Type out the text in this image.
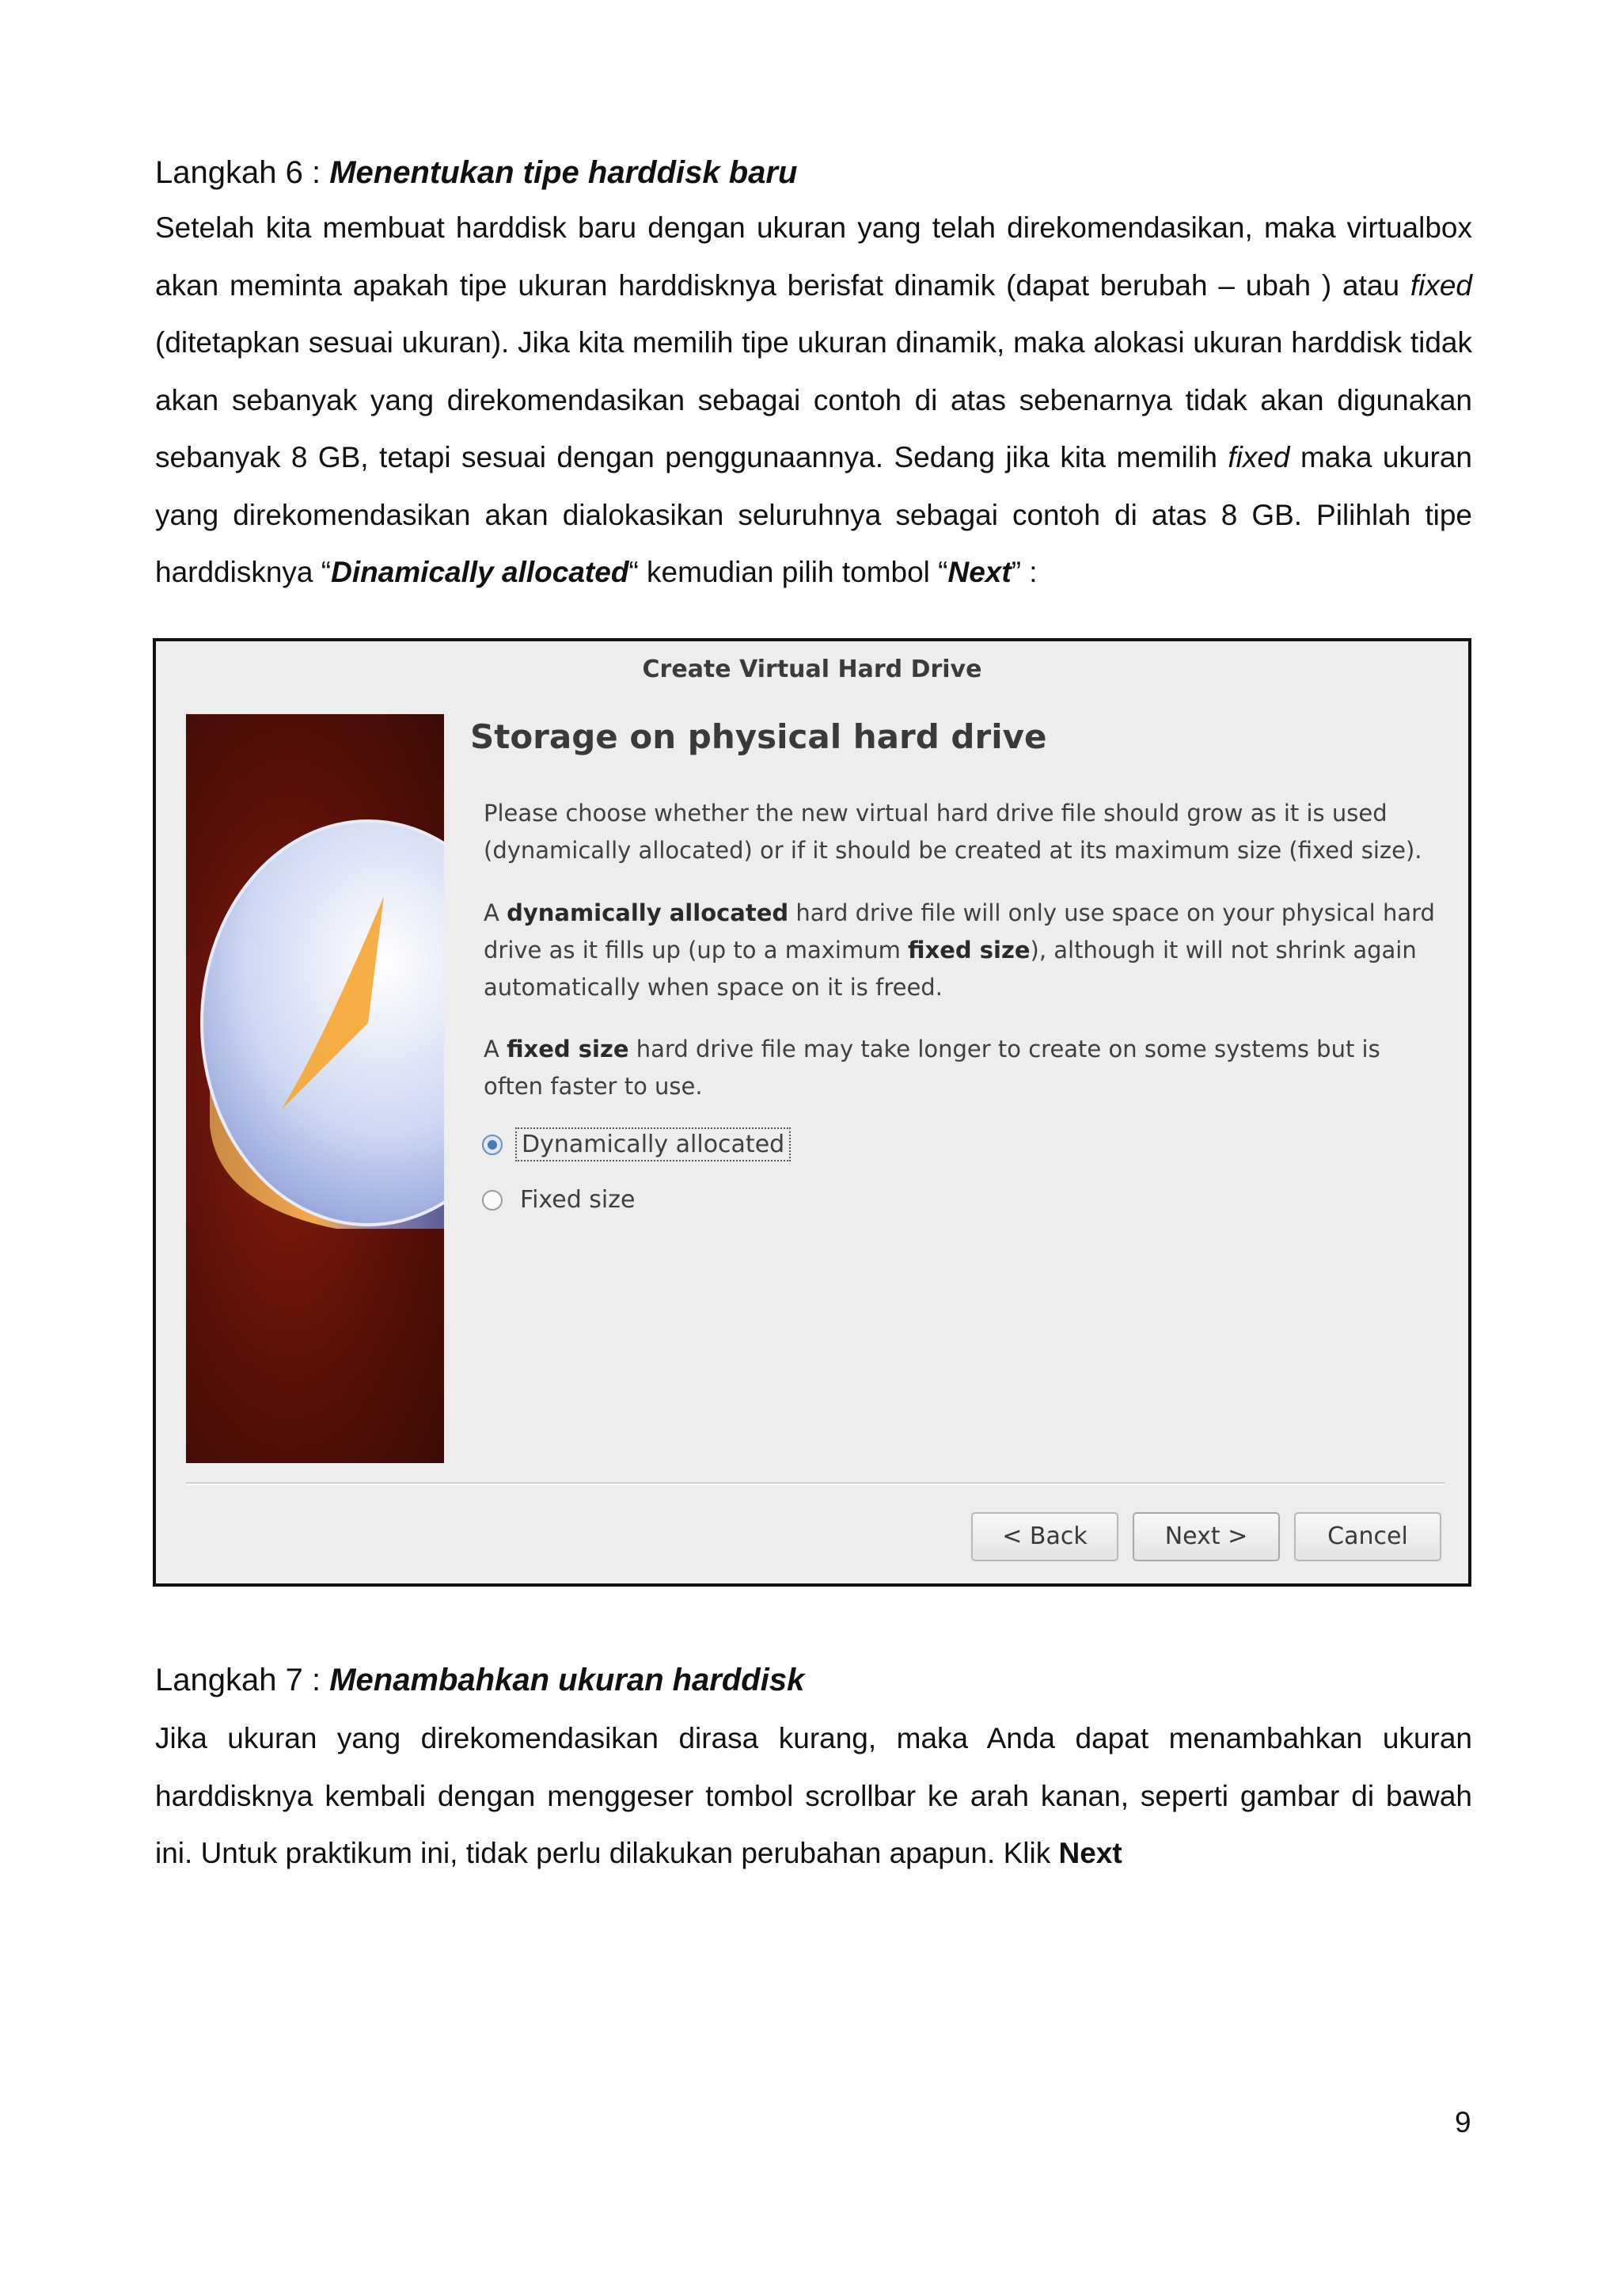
Langkah 6 : Menentukan tipe harddisk baru
Setelah kita membuat harddisk baru dengan ukuran yang telah direkomendasikan, maka virtualbox akan meminta apakah tipe ukuran harddisknya berisfat dinamik (dapat berubah – ubah ) atau fixed (ditetapkan sesuai ukuran). Jika kita memilih tipe ukuran dinamik, maka alokasi ukuran harddisk tidak akan sebanyak yang direkomendasikan sebagai contoh di atas sebenarnya tidak akan digunakan sebanyak 8 GB, tetapi sesuai dengan penggunaannya. Sedang jika kita memilih fixed maka ukuran yang direkomendasikan akan dialokasikan seluruhnya sebagai contoh di atas 8 GB. Pilihlah tipe harddisknya “Dinamically allocated“ kemudian pilih tombol “Next” :
Create Virtual Hard Drive
Storage on physical hard drive
Please choose whether the new virtual hard drive file should grow as it is used (dynamically allocated) or if it should be created at its maximum size (fixed size).
A dynamically allocated hard drive file will only use space on your physical hard drive as it fills up (up to a maximum fixed size), although it will not shrink again automatically when space on it is freed.
A fixed size hard drive file may take longer to create on some systems but is often faster to use.
Dynamically allocated
Fixed size
< Back	Next >	Cancel
Langkah 7 : Menambahkan ukuran harddisk
Jika ukuran yang direkomendasikan dirasa kurang, maka Anda dapat menambahkan ukuran harddisknya kembali dengan menggeser tombol scrollbar ke arah kanan, seperti gambar di bawah ini. Untuk praktikum ini, tidak perlu dilakukan perubahan apapun. Klik Next
9
